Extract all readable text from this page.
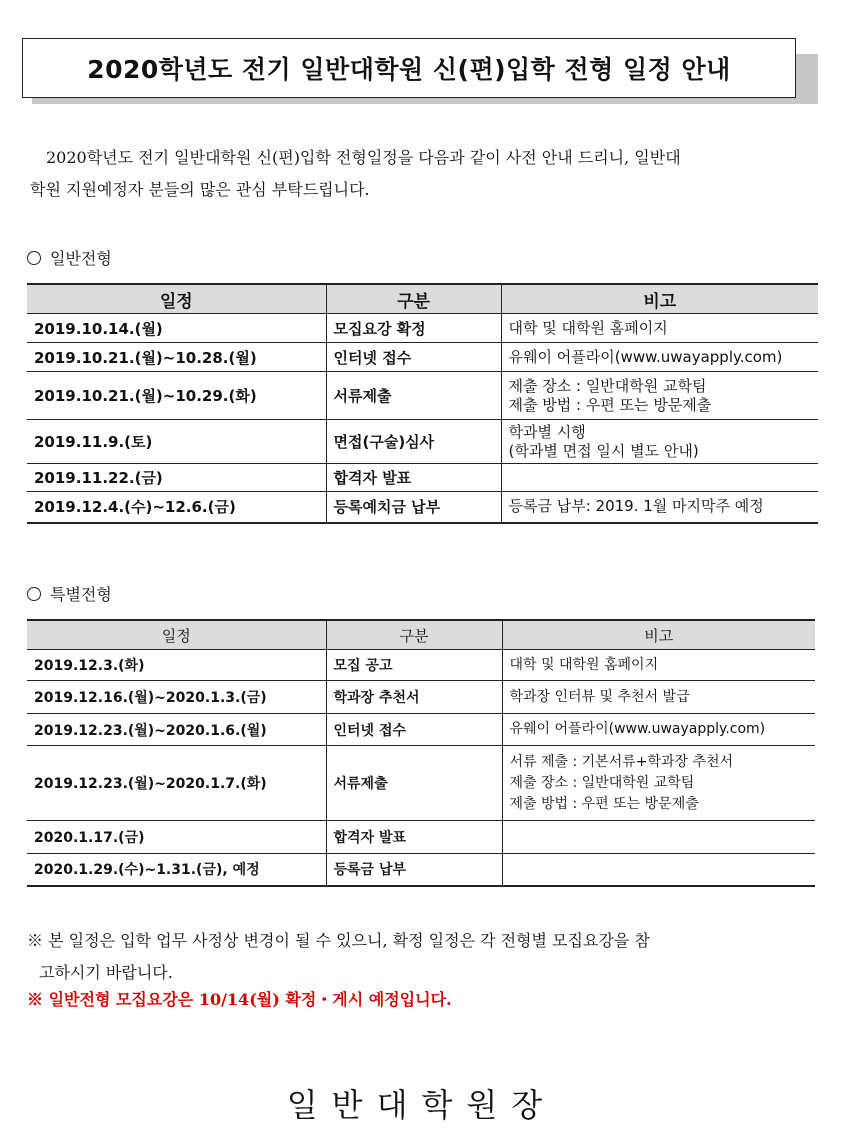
2020학년도 전기 일반대학원 신(편)입학 전형 일정 안내
2020학년도 전기 일반대학원 신(편)입학 전형일정을 다음과 같이 사전 안내 드리니, 일반대
학원 지원예정자 분들의 많은 관심 부탁드립니다.
일반전형
일정	구분	비고
2019.10.14.(월)	모집요강 확정	대학 및 대학원 홈페이지

2019.10.21.(월)~10.28.(월)	인터넷 접수	유웨이 어플라이(www.uwayapply.com)

2019.10.21.(월)~10.29.(화)	서류제출	제출 장소 : 일반대학원 교학팀
제출 방법 : 우편 또는 방문제출

2019.11.9.(토)	면접(구술)심사	학과별 시행
(학과별 면접 일시 별도 안내)

2019.11.22.(금)	합격자 발표	

2019.12.4.(수)~12.6.(금)	등록예치금 납부	등록금 납부: 2019. 1월 마지막주 예정
특별전형
일정	구분	비고
2019.12.3.(화)	모집 공고	대학 및 대학원 홈페이지

2019.12.16.(월)~2020.1.3.(금)	학과장 추천서	학과장 인터뷰 및 추천서 발급

2019.12.23.(월)~2020.1.6.(월)	인터넷 접수	유웨이 어플라이(www.uwayapply.com)

2019.12.23.(월)~2020.1.7.(화)	서류제출	서류 제출 : 기본서류+학과장 추천서
제출 장소 : 일반대학원 교학팀
제출 방법 : 우편 또는 방문제출

2020.1.17.(금)	합격자 발표	

2020.1.29.(수)~1.31.(금), 예정	등록금 납부	
※ 본 일정은 입학 업무 사정상 변경이 될 수 있으니, 확정 일정은 각 전형별 모집요강을 참
고하시기 바랍니다.
※ 일반전형 모집요강은 10/14(월) 확정・게시 예정입니다.
일반대학원장
